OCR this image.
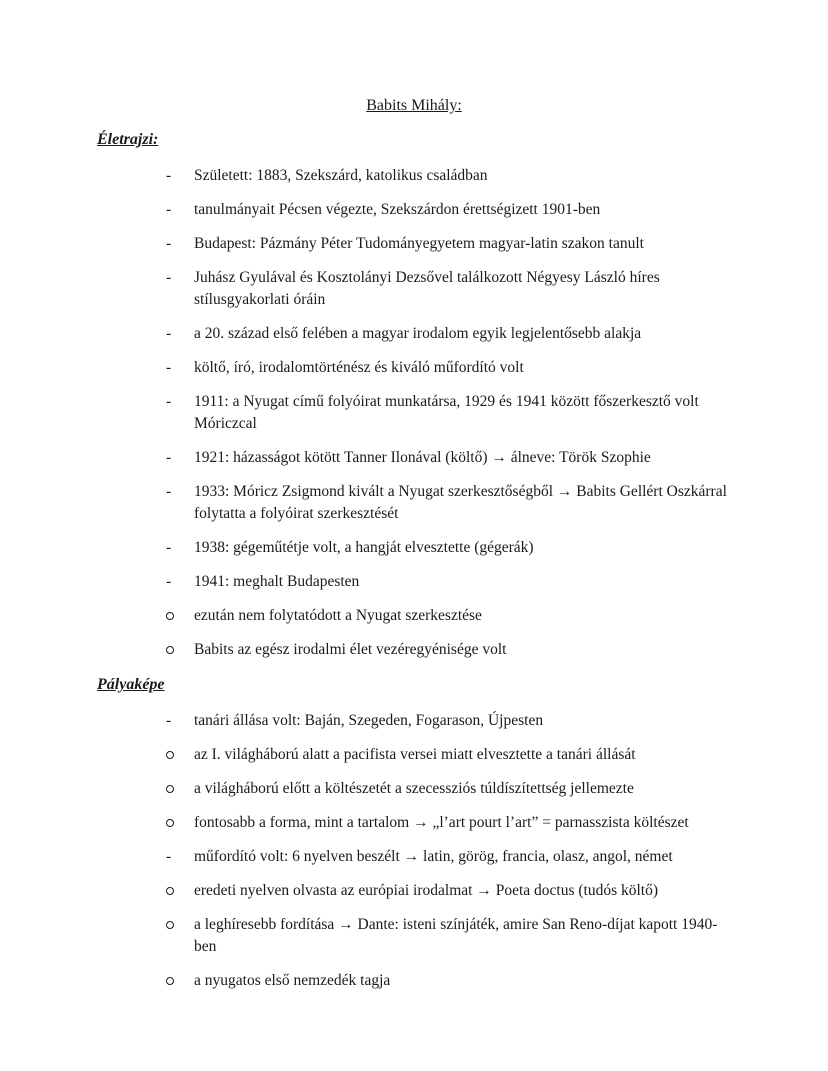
Babits Mihály:
Életrajzi:
-	Született: 1883, Szekszárd, katolikus családban
-	tanulmányait Pécsen végezte, Szekszárdon érettségizett 1901-ben
-	Budapest: Pázmány Péter Tudományegyetem magyar-latin szakon tanult
-	Juhász Gyulával és Kosztolányi Dezsővel találkozott Négyesy László híres stílusgyakorlati óráin
-	a 20. század első felében a magyar irodalom egyik legjelentősebb alakja
-	költő, író, irodalomtörténész és kiváló műfordító volt
-	1911: a Nyugat című folyóirat munkatársa, 1929 és 1941 között főszerkesztő volt Móriczcal
-	1921: házasságot kötött Tanner Ilonával (költő) → álneve: Török Szophie
-	1933: Móricz Zsigmond kivált a Nyugat szerkesztőségből → Babits Gellért Oszkárral folytatta a folyóirat szerkesztését
-	1938: gégeműtétje volt, a hangját elvesztette (gégerák)
-	1941: meghalt Budapesten
ezután nem folytatódott a Nyugat szerkesztése
Babits az egész irodalmi élet vezéregyénisége volt
Pályaképe
-	tanári állása volt: Baján, Szegeden, Fogarason, Újpesten
az I. világháború alatt a pacifista versei miatt elvesztette a tanári állását
a világháború előtt a költészetét a szecessziós túldíszítettség jellemezte
fontosabb a forma, mint a tartalom → „l’art pourt l’art” = parnasszista költészet
-	műfordító volt: 6 nyelven beszélt → latin, görög, francia, olasz, angol, német
eredeti nyelven olvasta az európiai irodalmat → Poeta doctus (tudós költő)
a leghíresebb fordítása → Dante: isteni színjáték, amire San Reno-díjat kapott 1940-ben
a nyugatos első nemzedék tagja
